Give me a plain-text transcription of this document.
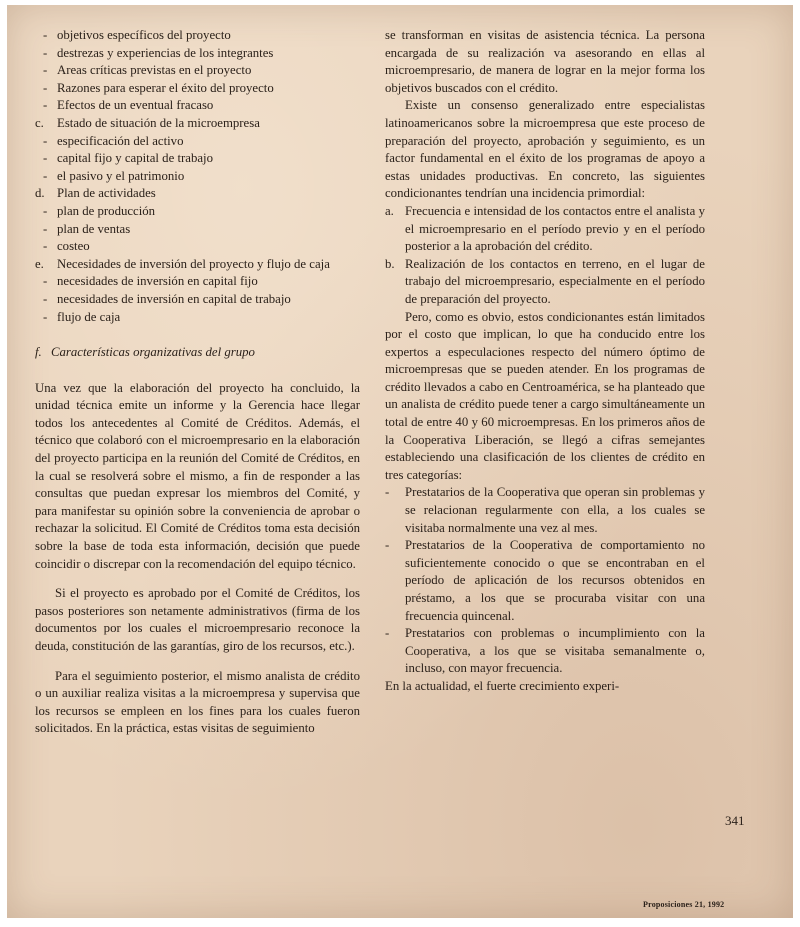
- objetivos específicos del proyecto
- destrezas y experiencias de los integrantes
- Areas críticas previstas en el proyecto
- Razones para esperar el éxito del proyecto
- Efectos de un eventual fracaso
c. Estado de situación de la microempresa
- especificación del activo
- capital fijo y capital de trabajo
- el pasivo y el patrimonio
d. Plan de actividades
- plan de producción
- plan de ventas
- costeo
e. Necesidades de inversión del proyecto y flujo de caja
- necesidades de inversión en capital fijo
- necesidades de inversión en capital de trabajo
- flujo de caja
f. Características organizativas del grupo

Una vez que la elaboración del proyecto ha concluido, la unidad técnica emite un informe y la Gerencia hace llegar todos los antecedentes al Comité de Créditos. Además, el técnico que colaboró con el microempresario en la elaboración del proyecto participa en la reunión del Comité de Créditos, en la cual se resolverá sobre el mismo, a fin de responder a las consultas que puedan expresar los miembros del Comité, y para manifestar su opinión sobre la conveniencia de aprobar o rechazar la solicitud. El Comité de Créditos toma esta decisión sobre la base de toda esta información, decisión que puede coincidir o discrepar con la recomendación del equipo técnico.

Si el proyecto es aprobado por el Comité de Créditos, los pasos posteriores son netamente administrativos (firma de los documentos por los cuales el microempresario reconoce la deuda, constitución de las garantías, giro de los recursos, etc.).

Para el seguimiento posterior, el mismo analista de crédito o un auxiliar realiza visitas a la microempresa y supervisa que los recursos se empleen en los fines para los cuales fueron solicitados. En la práctica, estas visitas de seguimiento

se transforman en visitas de asistencia técnica. La persona encargada de su realización va asesorando en ellas al microempresario, de manera de lograr en la mejor forma los objetivos buscados con el crédito.

Existe un consenso generalizado entre especialistas latinoamericanos sobre la microempresa que este proceso de preparación del proyecto, aprobación y seguimiento, es un factor fundamental en el éxito de los programas de apoyo a estas unidades productivas. En concreto, las siguientes condicionantes tendrían una incidencia primordial:

a. Frecuencia e intensidad de los contactos entre el analista y el microempresario en el período previo y en el período posterior a la aprobación del crédito.
b. Realización de los contactos en terreno, en el lugar de trabajo del microempresario, especialmente en el período de preparación del proyecto.

Pero, como es obvio, estos condicionantes están limitados por el costo que implican, lo que ha conducido entre los expertos a especulaciones respecto del número óptimo de microempresas que se pueden atender. En los programas de crédito llevados a cabo en Centroamérica, se ha planteado que un analista de crédito puede tener a cargo simultáneamente un total de entre 40 y 60 microempresas. En los primeros años de la Cooperativa Liberación, se llegó a cifras semejantes estableciendo una clasificación de los clientes de crédito en tres categorías:

- Prestatarios de la Cooperativa que operan sin problemas y se relacionan regularmente con ella, a los cuales se visitaba normalmente una vez al mes.
- Prestatarios de la Cooperativa de comportamiento no suficientemente conocido o que se encontraban en el período de aplicación de los recursos obtenidos en préstamo, a los que se procuraba visitar con una frecuencia quincenal.
- Prestatarios con problemas o incumplimiento con la Cooperativa, a los que se visitaba semanalmente o, incluso, con mayor frecuencia.

En la actualidad, el fuerte crecimiento experi-

341
Proposiciones 21, 1992
